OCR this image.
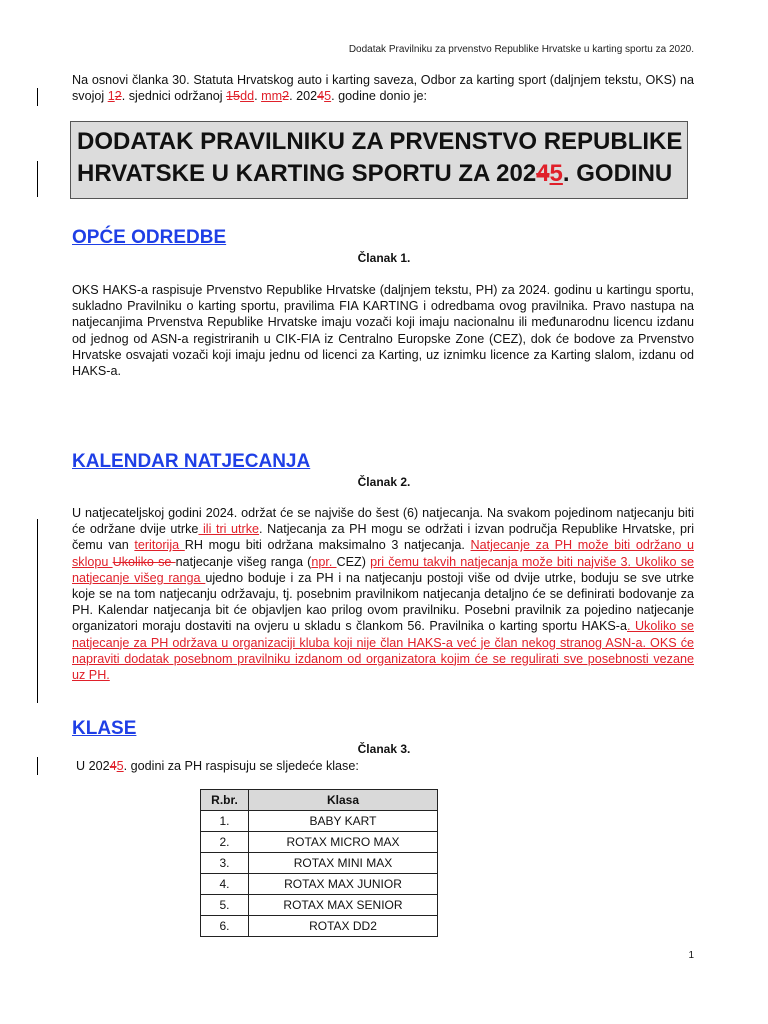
Dodatak Pravilniku za prvenstvo Republike Hrvatske u karting sportu za 2020.

Na osnovi članka 30. Statuta Hrvatskog auto i karting saveza, Odbor za karting sport (daljnjem tekstu, OKS) na svojoj 12. sjednici održanoj 15dd. mm2. 20245. godine donio je:

DODATAK PRAVILNIKU ZA PRVENSTVO REPUBLIKE
HRVATSKE U KARTING SPORTU ZA 20245. GODINU

OPĆE ODREDBE
Članak 1.

OKS HAKS-a raspisuje Prvenstvo Republike Hrvatske (daljnjem tekstu, PH) za 2024. godinu u kartingu sportu, sukladno Pravilniku o karting sportu, pravilima FIA KARTING i odredbama ovog pravilnika. Pravo nastupa na natjecanjima Prvenstva Republike Hrvatske imaju vozači koji imaju nacionalnu ili međunarodnu licencu izdanu od jednog od ASN-a registriranih u CIK-FIA iz Centralno Europske Zone (CEZ), dok će bodove za Prvenstvo Hrvatske osvajati vozači koji imaju jednu od licenci za Karting, uz iznimku licence za Karting slalom, izdanu od HAKS-a.

KALENDAR NATJECANJA
Članak 2.

U natjecateljskoj godini 2024. održat će se najviše do šest (6) natjecanja. Na svakom pojedinom natjecanju biti će održane dvije utrke ili tri utrke. Natjecanja za PH mogu se održati i izvan područja Republike Hrvatske, pri čemu van teritorija RH mogu biti održana maksimalno 3 natjecanja. Natjecanje za PH može biti održano u sklopu Ukoliko se natjecanje višeg ranga (npr. CEZ) pri čemu takvih natjecanja može biti najviše 3. Ukoliko se natjecanje višeg ranga ujedno boduje i za PH i na natjecanju postoji više od dvije utrke, boduju se sve utrke koje se na tom natjecanju održavaju, tj. posebnim pravilnikom natjecanja detaljno će se definirati bodovanje za PH. Kalendar natjecanja bit će objavljen kao prilog ovom pravilniku. Posebni pravilnik za pojedino natjecanje organizatori moraju dostaviti na ovjeru u skladu s člankom 56. Pravilnika o karting sportu HAKS-a. Ukoliko se natjecanje za PH održava u organizaciji kluba koji nije član HAKS-a već je član nekog stranog ASN-a. OKS će napraviti dodatak posebnom pravilniku izdanom od organizatora kojim će se regulirati sve posebnosti vezane uz PH.

KLASE
Članak 3.

U 20245. godini za PH raspisuju se sljedeće klase:

R.br.	Klasa
1.	BABY KART
2.	ROTAX MICRO MAX
3.	ROTAX MINI MAX
4.	ROTAX MAX JUNIOR
5.	ROTAX MAX SENIOR
6.	ROTAX DD2
1
